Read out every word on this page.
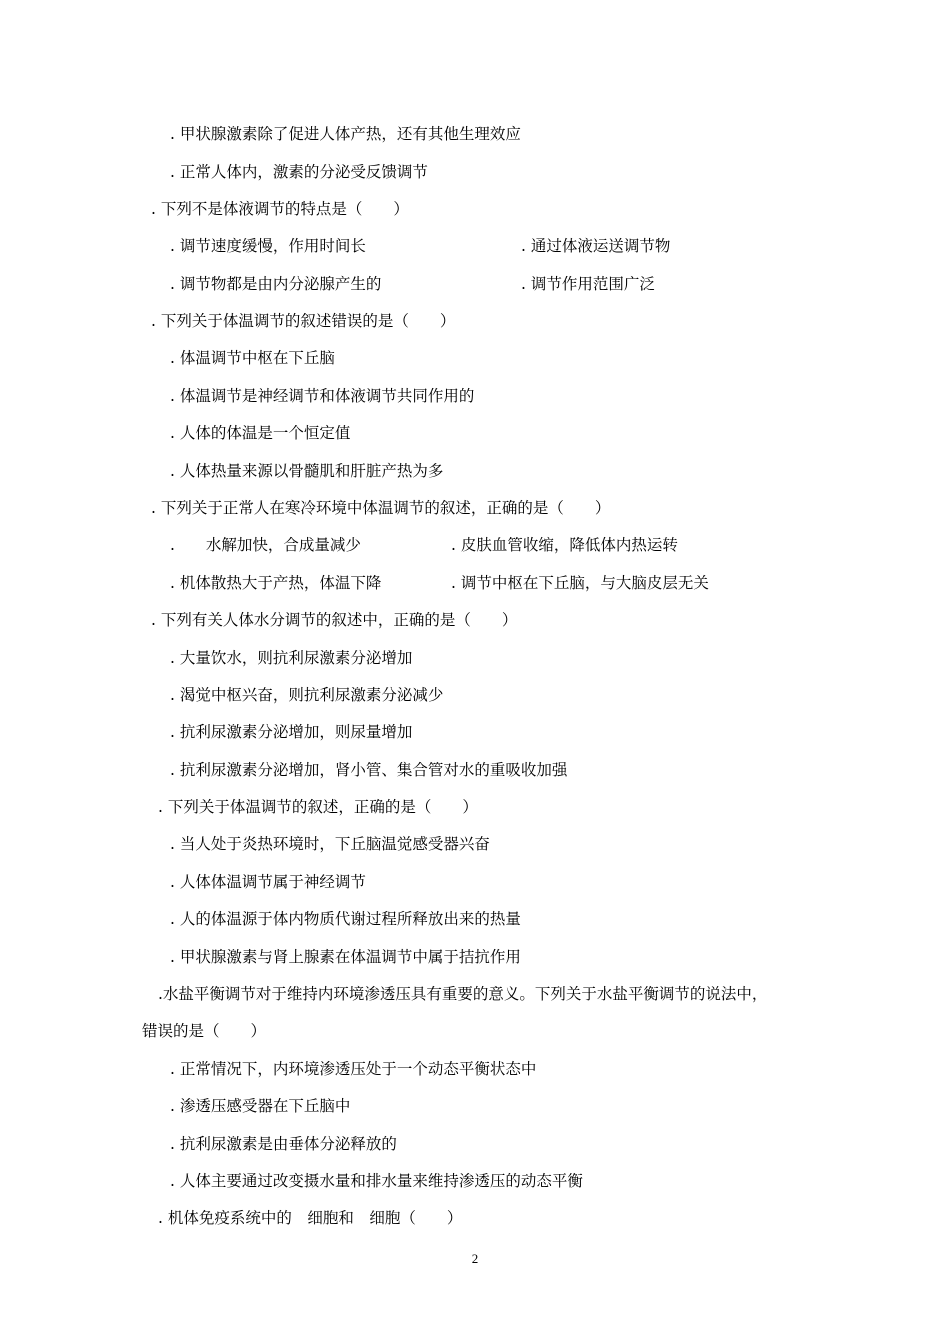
. 甲状腺激素除了促进人体产热，还有其他生理效应
. 正常人体内，激素的分泌受反馈调节
. 下列不是体液调节的特点是（　　）
. 调节速度缓慢，作用时间长	. 通过体液运送调节物
. 调节物都是由内分泌腺产生的	. 调节作用范围广泛
. 下列关于体温调节的叙述错误的是（　　）
. 体温调节中枢在下丘脑
. 体温调节是神经调节和体液调节共同作用的
. 人体的体温是一个恒定值
. 人体热量来源以骨髓肌和肝脏产热为多
. 下列关于正常人在寒冷环境中体温调节的叙述，正确的是（　　）
.　　水解加快，合成量减少	. 皮肤血管收缩，降低体内热运转
. 机体散热大于产热，体温下降	. 调节中枢在下丘脑，与大脑皮层无关
. 下列有关人体水分调节的叙述中，正确的是（　　）
. 大量饮水，则抗利尿激素分泌增加
. 渴觉中枢兴奋，则抗利尿激素分泌减少
. 抗利尿激素分泌增加，则尿量增加
. 抗利尿激素分泌增加，肾小管、集合管对水的重吸收加强
. 下列关于体温调节的叙述，正确的是（　　）
. 当人处于炎热环境时，下丘脑温觉感受器兴奋
. 人体体温调节属于神经调节
. 人的体温源于体内物质代谢过程所释放出来的热量
. 甲状腺激素与肾上腺素在体温调节中属于拮抗作用
.水盐平衡调节对于维持内环境渗透压具有重要的意义。下列关于水盐平衡调节的说法中，
错误的是（　　）
. 正常情况下，内环境渗透压处于一个动态平衡状态中
. 渗透压感受器在下丘脑中
. 抗利尿激素是由垂体分泌释放的
. 人体主要通过改变摄水量和排水量来维持渗透压的动态平衡
. 机体免疫系统中的　细胞和　细胞（　　）
2
